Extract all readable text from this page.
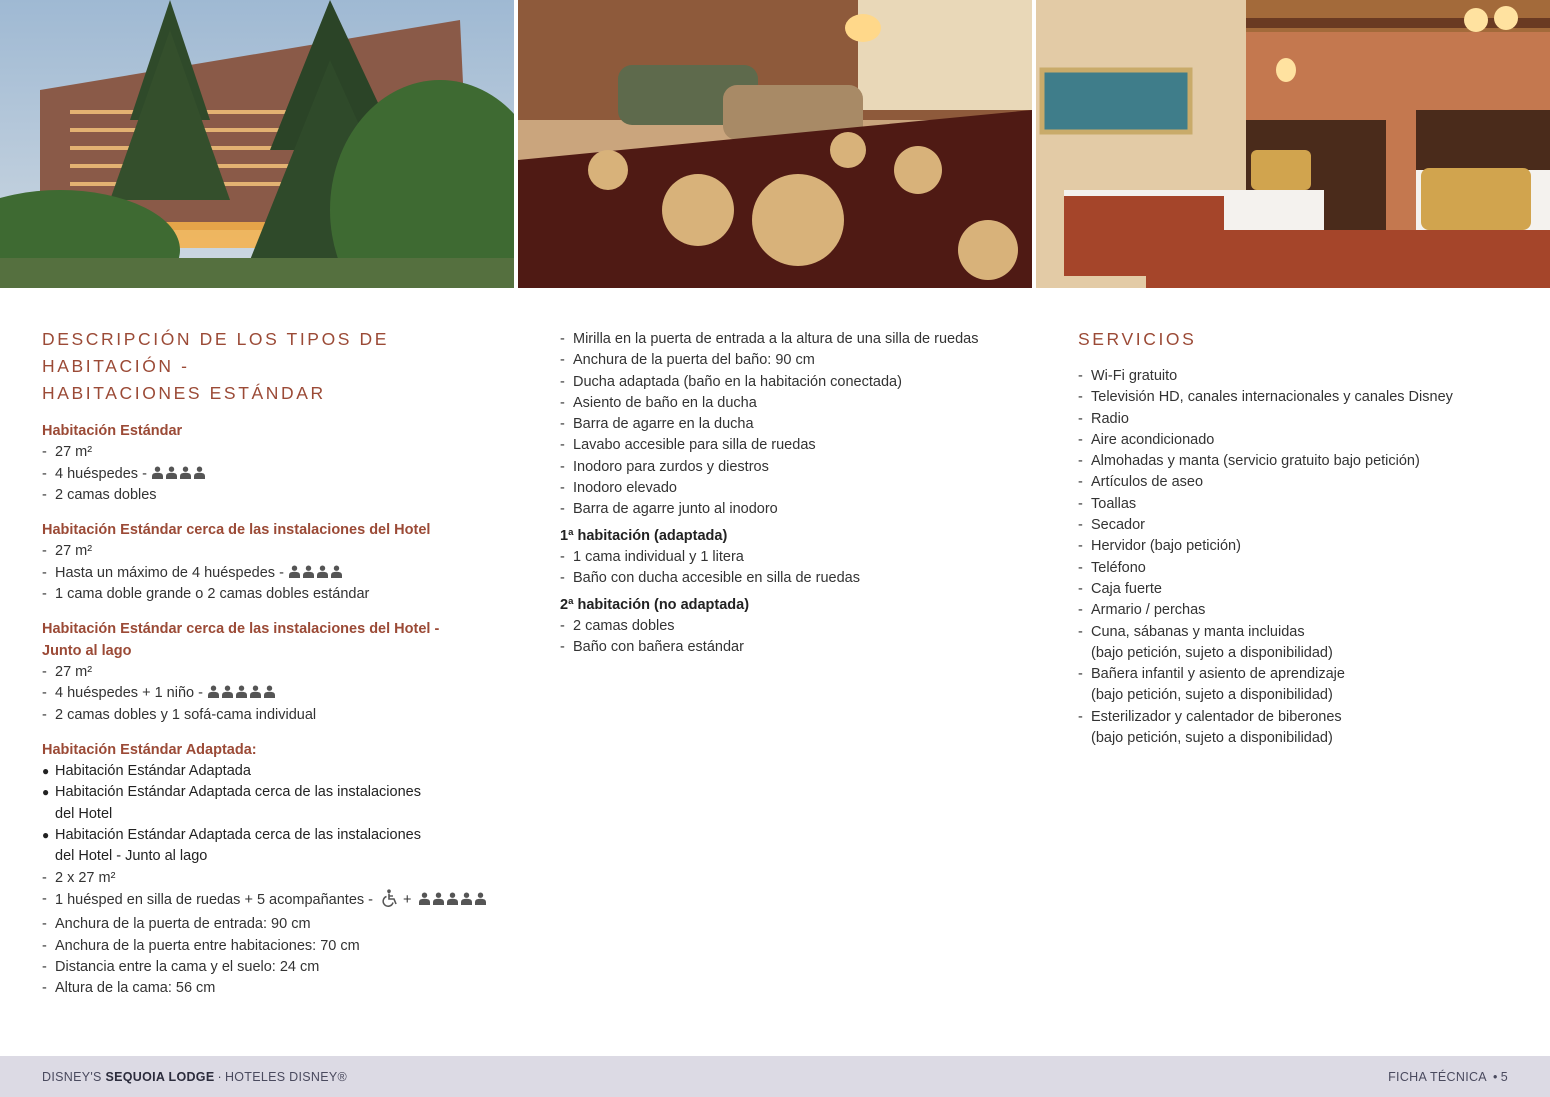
DESCRIPCIÓN DE LOS TIPOS DE HABITACIÓN -
HABITACIONES ESTÁNDAR
Habitación Estándar
- 27 m²
- 4 huéspedes -
- 2 camas dobles
Habitación Estándar cerca de las instalaciones del Hotel
- 27 m²
- Hasta un máximo de 4 huéspedes -
- 1 cama doble grande o 2 camas dobles estándar
Habitación Estándar cerca de las instalaciones del Hotel -
Junto al lago
- 27 m²
- 4 huéspedes + 1 niño -
- 2 camas dobles y 1 sofá-cama individual
Habitación Estándar Adaptada:
● Habitación Estándar Adaptada
● Habitación Estándar Adaptada cerca de las instalaciones
del Hotel
● Habitación Estándar Adaptada cerca de las instalaciones
del Hotel - Junto al lago
- 2 x 27 m²
- 1 huésped en silla de ruedas + 5 acompañantes - +
- Anchura de la puerta de entrada: 90 cm
- Anchura de la puerta entre habitaciones: 70 cm
- Distancia entre la cama y el suelo: 24 cm
- Altura de la cama: 56 cm
- Mirilla en la puerta de entrada a la altura de una silla de ruedas
- Anchura de la puerta del baño: 90 cm
- Ducha adaptada (baño en la habitación conectada)
- Asiento de baño en la ducha
- Barra de agarre en la ducha
- Lavabo accesible para silla de ruedas
- Inodoro para zurdos y diestros
- Inodoro elevado
- Barra de agarre junto al inodoro
1ª habitación (adaptada)
- 1 cama individual y 1 litera
- Baño con ducha accesible en silla de ruedas
2ª habitación (no adaptada)
- 2 camas dobles
- Baño con bañera estándar
SERVICIOS
- Wi-Fi gratuito
- Televisión HD, canales internacionales y canales Disney
- Radio
- Aire acondicionado
- Almohadas y manta (servicio gratuito bajo petición)
- Artículos de aseo
- Toallas
- Secador
- Hervidor (bajo petición)
- Teléfono
- Caja fuerte
- Armario / perchas
- Cuna, sábanas y manta incluidas
(bajo petición, sujeto a disponibilidad)
- Bañera infantil y asiento de aprendizaje
(bajo petición, sujeto a disponibilidad)
- Esterilizador y calentador de biberones
(bajo petición, sujeto a disponibilidad)
DISNEY'S SEQUOIA LODGE · HOTELES DISNEY®	FICHA TÉCNICA • 5
